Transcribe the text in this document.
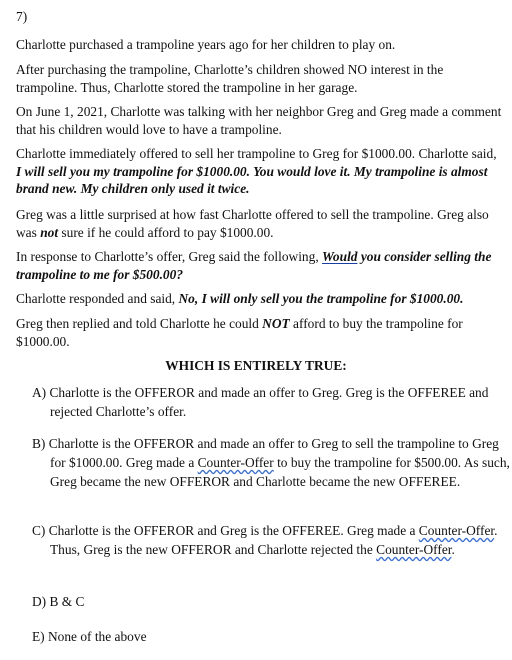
7)

Charlotte purchased a trampoline years ago for her children to play on.

After purchasing the trampoline, Charlotte’s children showed NO interest in the trampoline. Thus, Charlotte stored the trampoline in her garage.

On June 1, 2021, Charlotte was talking with her neighbor Greg and Greg made a comment that his children would love to have a trampoline.

Charlotte immediately offered to sell her trampoline to Greg for $1000.00. Charlotte said, I will sell you my trampoline for $1000.00. You would love it. My trampoline is almost brand new. My children only used it twice.

Greg was a little surprised at how fast Charlotte offered to sell the trampoline. Greg also was not sure if he could afford to pay $1000.00.

In response to Charlotte’s offer, Greg said the following, Would you consider selling the trampoline to me for $500.00?

Charlotte responded and said, No, I will only sell you the trampoline for $1000.00.

Greg then replied and told Charlotte he could NOT afford to buy the trampoline for $1000.00.

WHICH IS ENTIRELY TRUE:

A) Charlotte is the OFFEROR and made an offer to Greg. Greg is the OFFEREE and rejected Charlotte’s offer.

B) Charlotte is the OFFEROR and made an offer to Greg to sell the trampoline to Greg for $1000.00. Greg made a Counter-Offer to buy the trampoline for $500.00. As such, Greg became the new OFFEROR and Charlotte became the new OFFEREE.

C) Charlotte is the OFFEROR and Greg is the OFFEREE. Greg made a Counter-Offer. Thus, Greg is the new OFFEROR and Charlotte rejected the Counter-Offer.

D) B & C

E) None of the above
